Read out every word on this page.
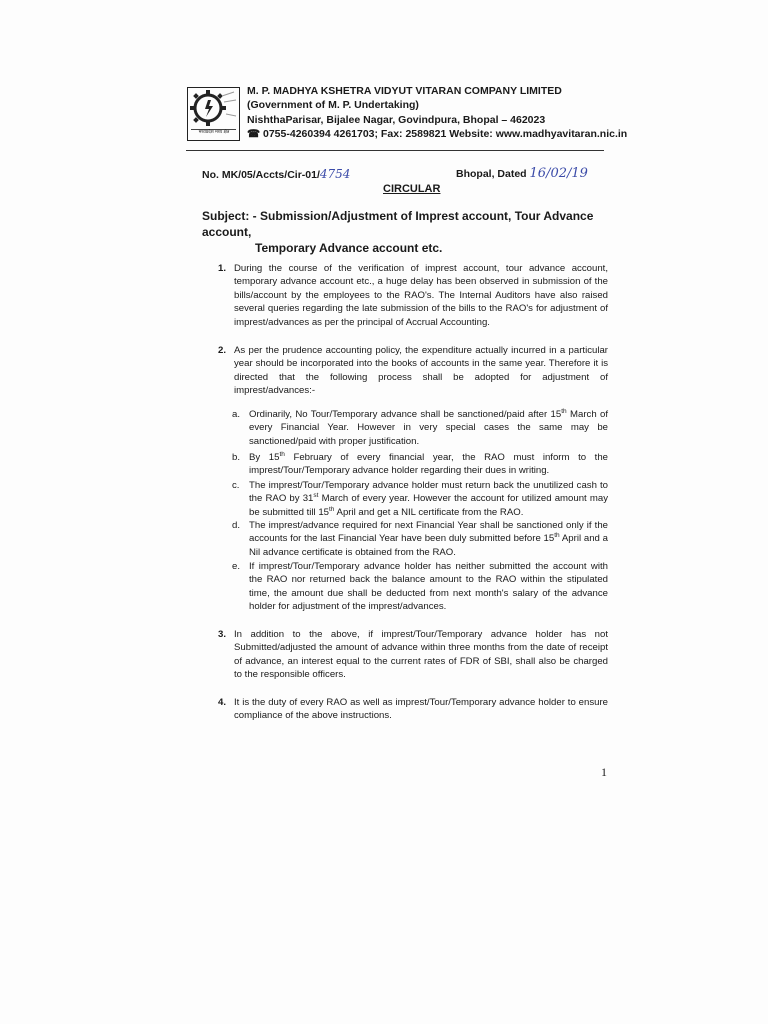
मध्यप्रदेश मध्य क्षेत्र
M. P. MADHYA KSHETRA VIDYUT VITARAN COMPANY LIMITED
(Government of M. P. Undertaking)
NishthaParisar, Bijalee Nagar, Govindpura, Bhopal – 462023
☎ 0755-4260394 4261703; Fax: 2589821 Website: www.madhyavitaran.nic.in
No. MK/05/Accts/Cir-01/4754	Bhopal, Dated 16/02/19
CIRCULAR
Subject: - Submission/Adjustment of Imprest account, Tour Advance account,
Temporary Advance account etc.
1. During the course of the verification of imprest account, tour advance account, temporary advance account etc., a huge delay has been observed in submission of the bills/account by the employees to the RAO's. The Internal Auditors have also raised several queries regarding the late submission of the bills to the RAO's for adjustment of imprest/advances as per the principal of Accrual Accounting.
2. As per the prudence accounting policy, the expenditure actually incurred in a particular year should be incorporated into the books of accounts in the same year. Therefore it is directed that the following process shall be adopted for adjustment of imprest/advances:-
a. Ordinarily, No Tour/Temporary advance shall be sanctioned/paid after 15th March of every Financial Year. However in very special cases the same may be sanctioned/paid with proper justification.
b. By 15th February of every financial year, the RAO must inform to the imprest/Tour/Temporary advance holder regarding their dues in writing.
c. The imprest/Tour/Temporary advance holder must return back the unutilized cash to the RAO by 31st March of every year. However the account for utilized amount may be submitted till 15th April and get a NIL certificate from the RAO.
d. The imprest/advance required for next Financial Year shall be sanctioned only if the accounts for the last Financial Year have been duly submitted before 15th April and a Nil advance certificate is obtained from the RAO.
e. If imprest/Tour/Temporary advance holder has neither submitted the account with the RAO nor returned back the balance amount to the RAO within the stipulated time, the amount due shall be deducted from next month's salary of the advance holder for adjustment of the imprest/advances.
3. In addition to the above, if imprest/Tour/Temporary advance holder has not Submitted/adjusted the amount of advance within three months from the date of receipt of advance, an interest equal to the current rates of FDR of SBI, shall also be charged to the responsible officers.
4. It is the duty of every RAO as well as imprest/Tour/Temporary advance holder to ensure compliance of the above instructions.
1
